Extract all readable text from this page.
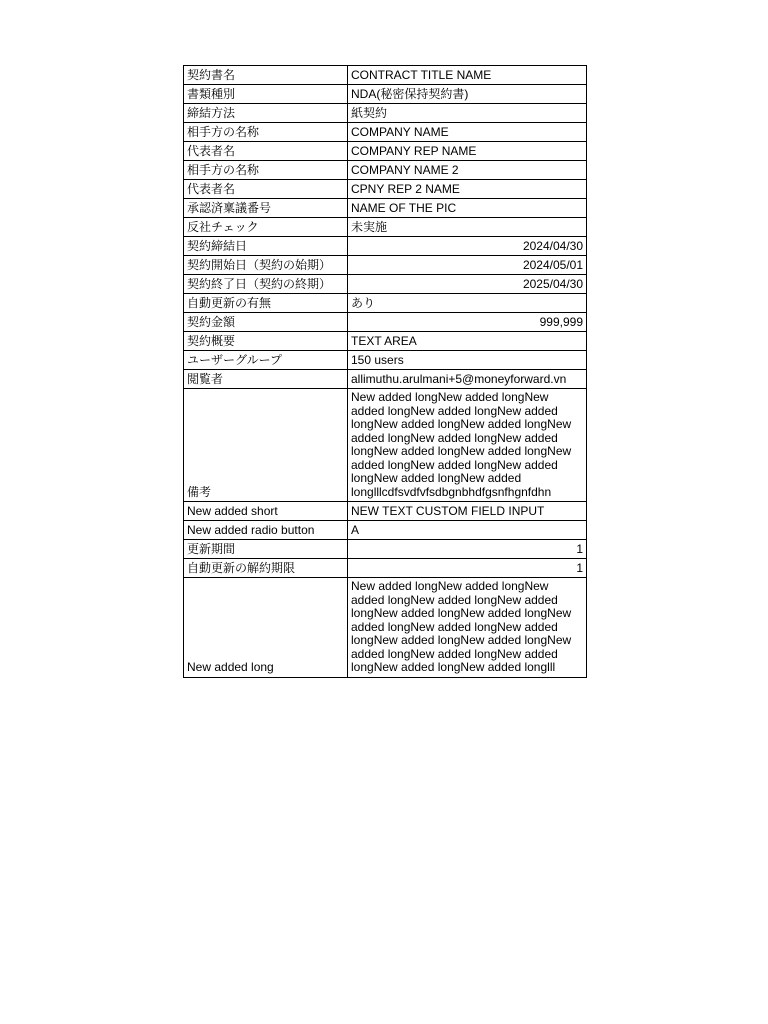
契約書名	CONTRACT TITLE NAME
書類種別	NDA(秘密保持契約書)
締結方法	紙契約
相手方の名称	COMPANY NAME
代表者名	COMPANY REP NAME
相手方の名称	COMPANY NAME 2
代表者名	CPNY REP 2 NAME
承認済稟議番号	NAME OF THE PIC
反社チェック	未実施
契約締結日	2024/04/30
契約開始日（契約の始期）	2024/05/01
契約終了日（契約の終期）	2025/04/30
自動更新の有無	あり
契約金額	999,999
契約概要	TEXT AREA
ユーザーグループ	150 users
閲覧者	allimuthu.arulmani+5@moneyforward.vn
備考	New added longNew added longNew added longNew added longNew added longNew added longNew added longNew added longNew added longNew added longNew added longNew added longNew added longNew added longNew added longNew added longNew added longlllcdfsvdfvfsdbgnbhdfgsnfhgnfdhn
New added short	NEW TEXT CUSTOM FIELD INPUT
New added radio button	A
更新期間	1
自動更新の解約期限	1
New added long	New added longNew added longNew added longNew added longNew added longNew added longNew added longNew added longNew added longNew added longNew added longNew added longNew added longNew added longNew added longNew added longNew added longlll
